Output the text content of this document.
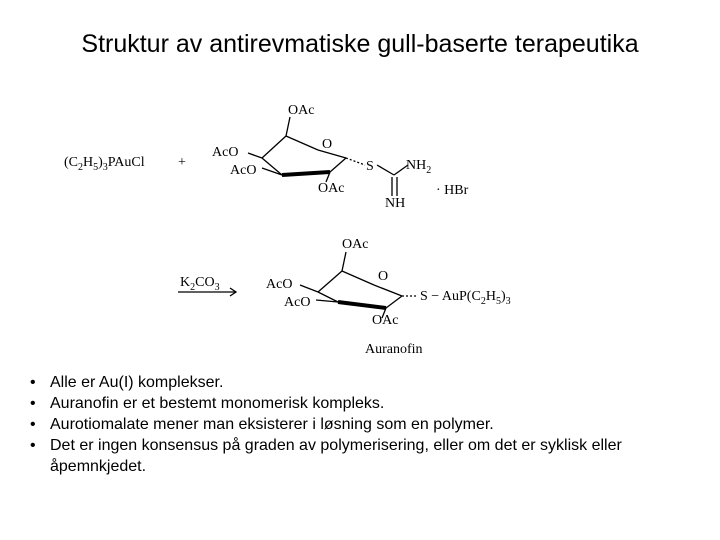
Struktur av antirevmatiske gull-baserte terapeutika
$(C_2H_5)_3PAuCl$ +
OAc
O
AcO
AcO	S $NH_2$
OAc
NH
· HBr
$K_2CO_3$
OAc
O
AcO
AcO	$S - AuP(C_2H_5)_3$
OAc
Auranofin
• Alle er Au(I) komplekser.
• Auranofin er et bestemt monomerisk kompleks.
• Aurotiomalate mener man eksisterer i løsning som en polymer.
• Det er ingen konsensus på graden av polymerisering, eller om det er syklisk eller åpemnkjedet.
